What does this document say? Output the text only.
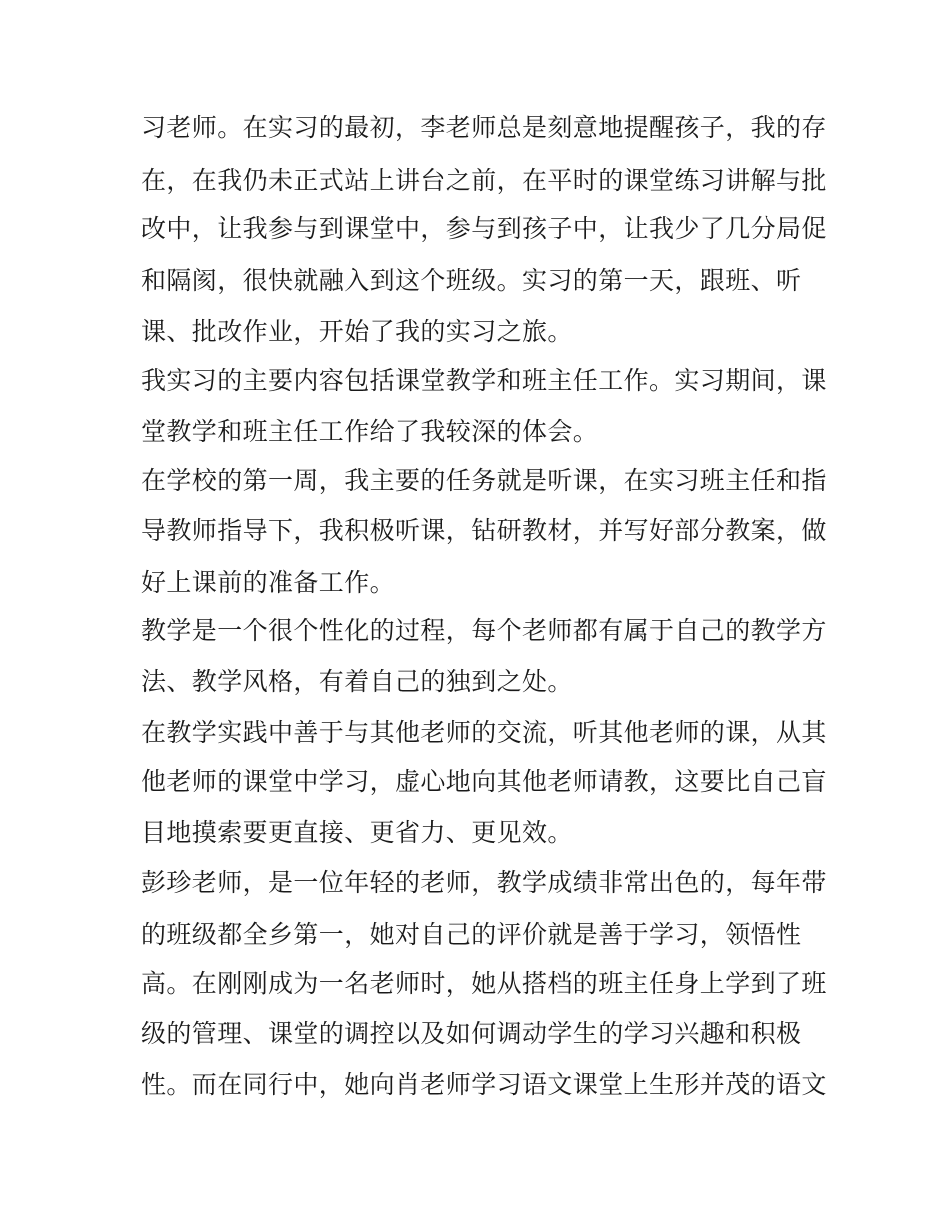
习老师。在实习的最初，李老师总是刻意地提醒孩子，我的存
在，在我仍未正式站上讲台之前，在平时的课堂练习讲解与批
改中，让我参与到课堂中，参与到孩子中，让我少了几分局促
和隔阂，很快就融入到这个班级。实习的第一天，跟班、听
课、批改作业，开始了我的实习之旅。
我实习的主要内容包括课堂教学和班主任工作。实习期间，课
堂教学和班主任工作给了我较深的体会。
在学校的第一周，我主要的任务就是听课，在实习班主任和指
导教师指导下，我积极听课，钻研教材，并写好部分教案，做
好上课前的准备工作。
教学是一个很个性化的过程，每个老师都有属于自己的教学方
法、教学风格，有着自己的独到之处。
在教学实践中善于与其他老师的交流，听其他老师的课，从其
他老师的课堂中学习，虚心地向其他老师请教，这要比自己盲
目地摸索要更直接、更省力、更见效。
彭珍老师，是一位年轻的老师，教学成绩非常出色的，每年带
的班级都全乡第一，她对自己的评价就是善于学习，领悟性
高。在刚刚成为一名老师时，她从搭档的班主任身上学到了班
级的管理、课堂的调控以及如何调动学生的学习兴趣和积极
性。而在同行中，她向肖老师学习语文课堂上生形并茂的语文
